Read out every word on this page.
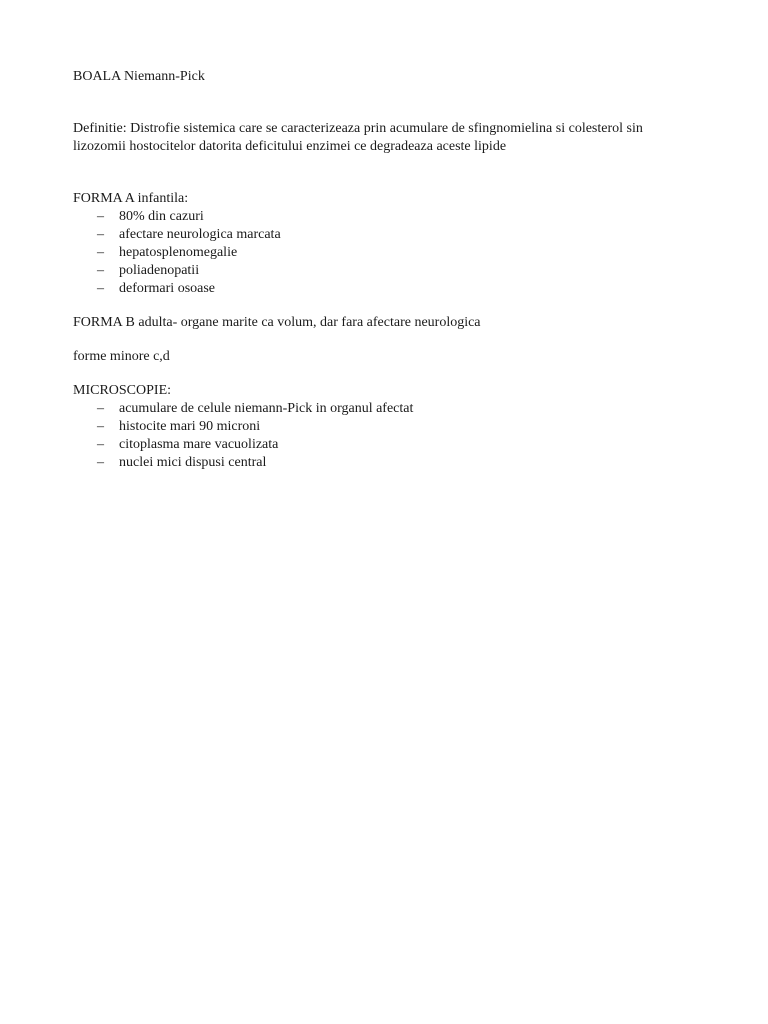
BOALA Niemann-Pick

Definitie: Distrofie sistemica care se caracterizeaza prin acumulare de sfingnomielina si colesterol sin lizozomii hostocitelor datorita deficitului enzimei ce degradeaza aceste lipide

FORMA A infantila:

– 80% din cazuri
– afectare neurologica marcata
– hepatosplenomegalie
– poliadenopatii
– deformari osoase

FORMA B adulta- organe marite ca volum, dar fara afectare neurologica

forme minore c,d

MICROSCOPIE:

– acumulare de celule niemann-Pick in organul afectat
– histocite mari 90 microni
– citoplasma mare vacuolizata
– nuclei mici dispusi central
